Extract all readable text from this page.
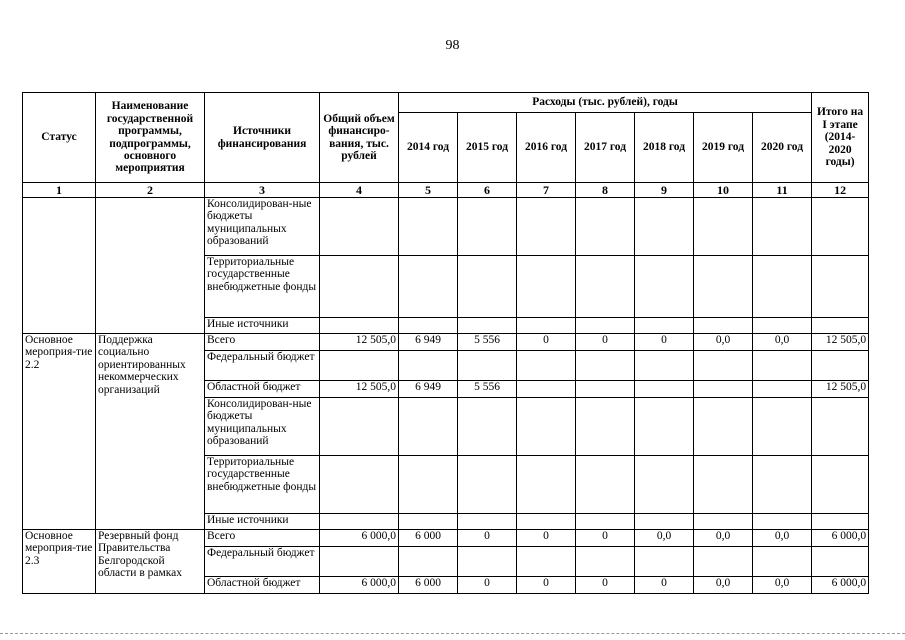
98
Статус	Наименование государственной программы, подпрограммы, основного мероприятия	Источники финансирования	Общий объем финансиро-вания, тыс. рублей	Расходы (тыс. рублей), годы							Итого на I этапе (2014-2020 годы)
				2014 год	2015 год	2016 год	2017 год	2018 год	2019 год	2020 год	
1	2	3	4	5	6	7	8	9	10	11	12
		Консолидирован-ные бюджеты муниципальных образований									
		Территориальные государственные внебюджетные фонды									
		Иные источники									
Основное мероприя-тие 2.2	Поддержка социально ориентированных некоммерческих организаций	Всего	12 505,0	6 949	5 556	0	0	0	0,0	0,0	12 505,0
		Федеральный бюджет									
		Областной бюджет	12 505,0	6 949	5 556						12 505,0
		Консолидирован-ные бюджеты муниципальных образований									
		Территориальные государственные внебюджетные фонды									
		Иные источники									
Основное мероприя-тие 2.3	Резервный фонд Правительства Белгородской области в рамках	Всего	6 000,0	6 000	0	0	0	0,0	0,0	0,0	6 000,0
		Федеральный бюджет									
		Областной бюджет	6 000,0	6 000	0	0	0	0	0,0	0,0	6 000,0
